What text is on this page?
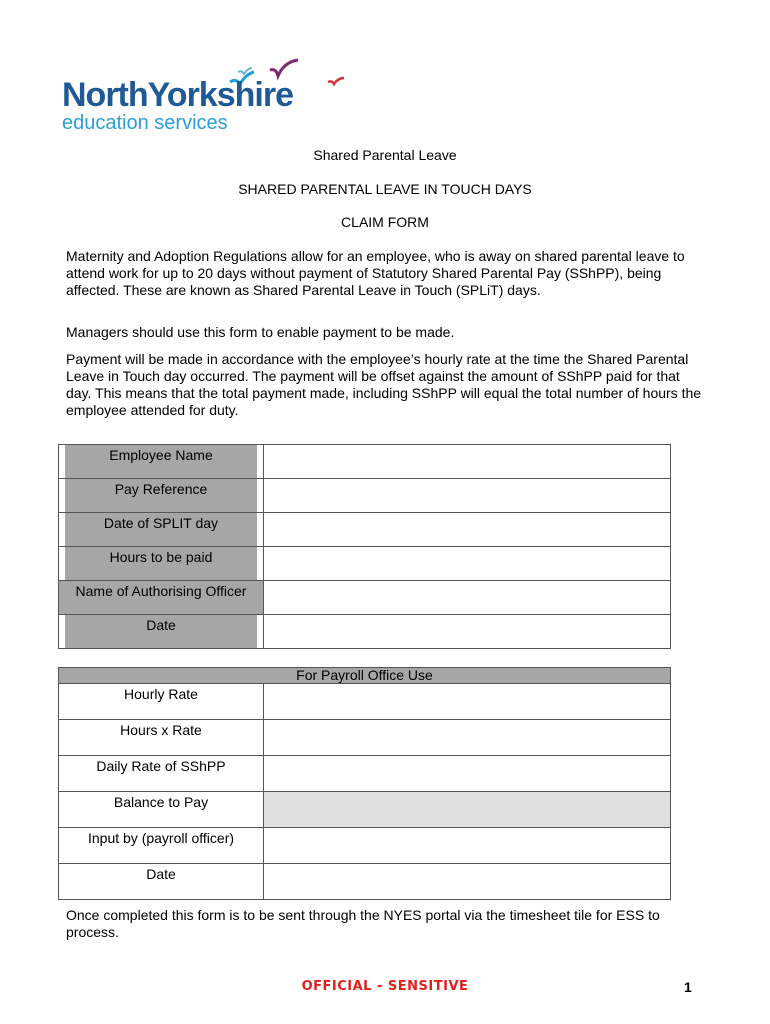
NorthYorkshire
education services
Shared Parental Leave
SHARED PARENTAL LEAVE IN TOUCH DAYS
CLAIM FORM
Maternity and Adoption Regulations allow for an employee, who is away on shared parental leave to attend work for up to 20 days without payment of Statutory Shared Parental Pay (SShPP), being affected. These are known as Shared Parental Leave in Touch (SPLiT) days.
Managers should use this form to enable payment to be made.
Payment will be made in accordance with the employee’s hourly rate at the time the Shared Parental Leave in Touch day occurred. The payment will be offset against the amount of SShPP paid for that day. This means that the total payment made, including SShPP will equal the total number of hours the employee attended for duty.
Employee Name	

Pay Reference	

Date of SPLIT day	

Hours to be paid	

Name of Authorising Officer	

Date	

For Payroll Office Use	
Hourly Rate	
Hours x Rate	
Daily Rate of SShPP	
Balance to Pay	
Input by (payroll officer)	
Date	
Once completed this form is to be sent through the NYES portal via the timesheet tile for ESS to process.
OFFICIAL - SENSITIVE	1
